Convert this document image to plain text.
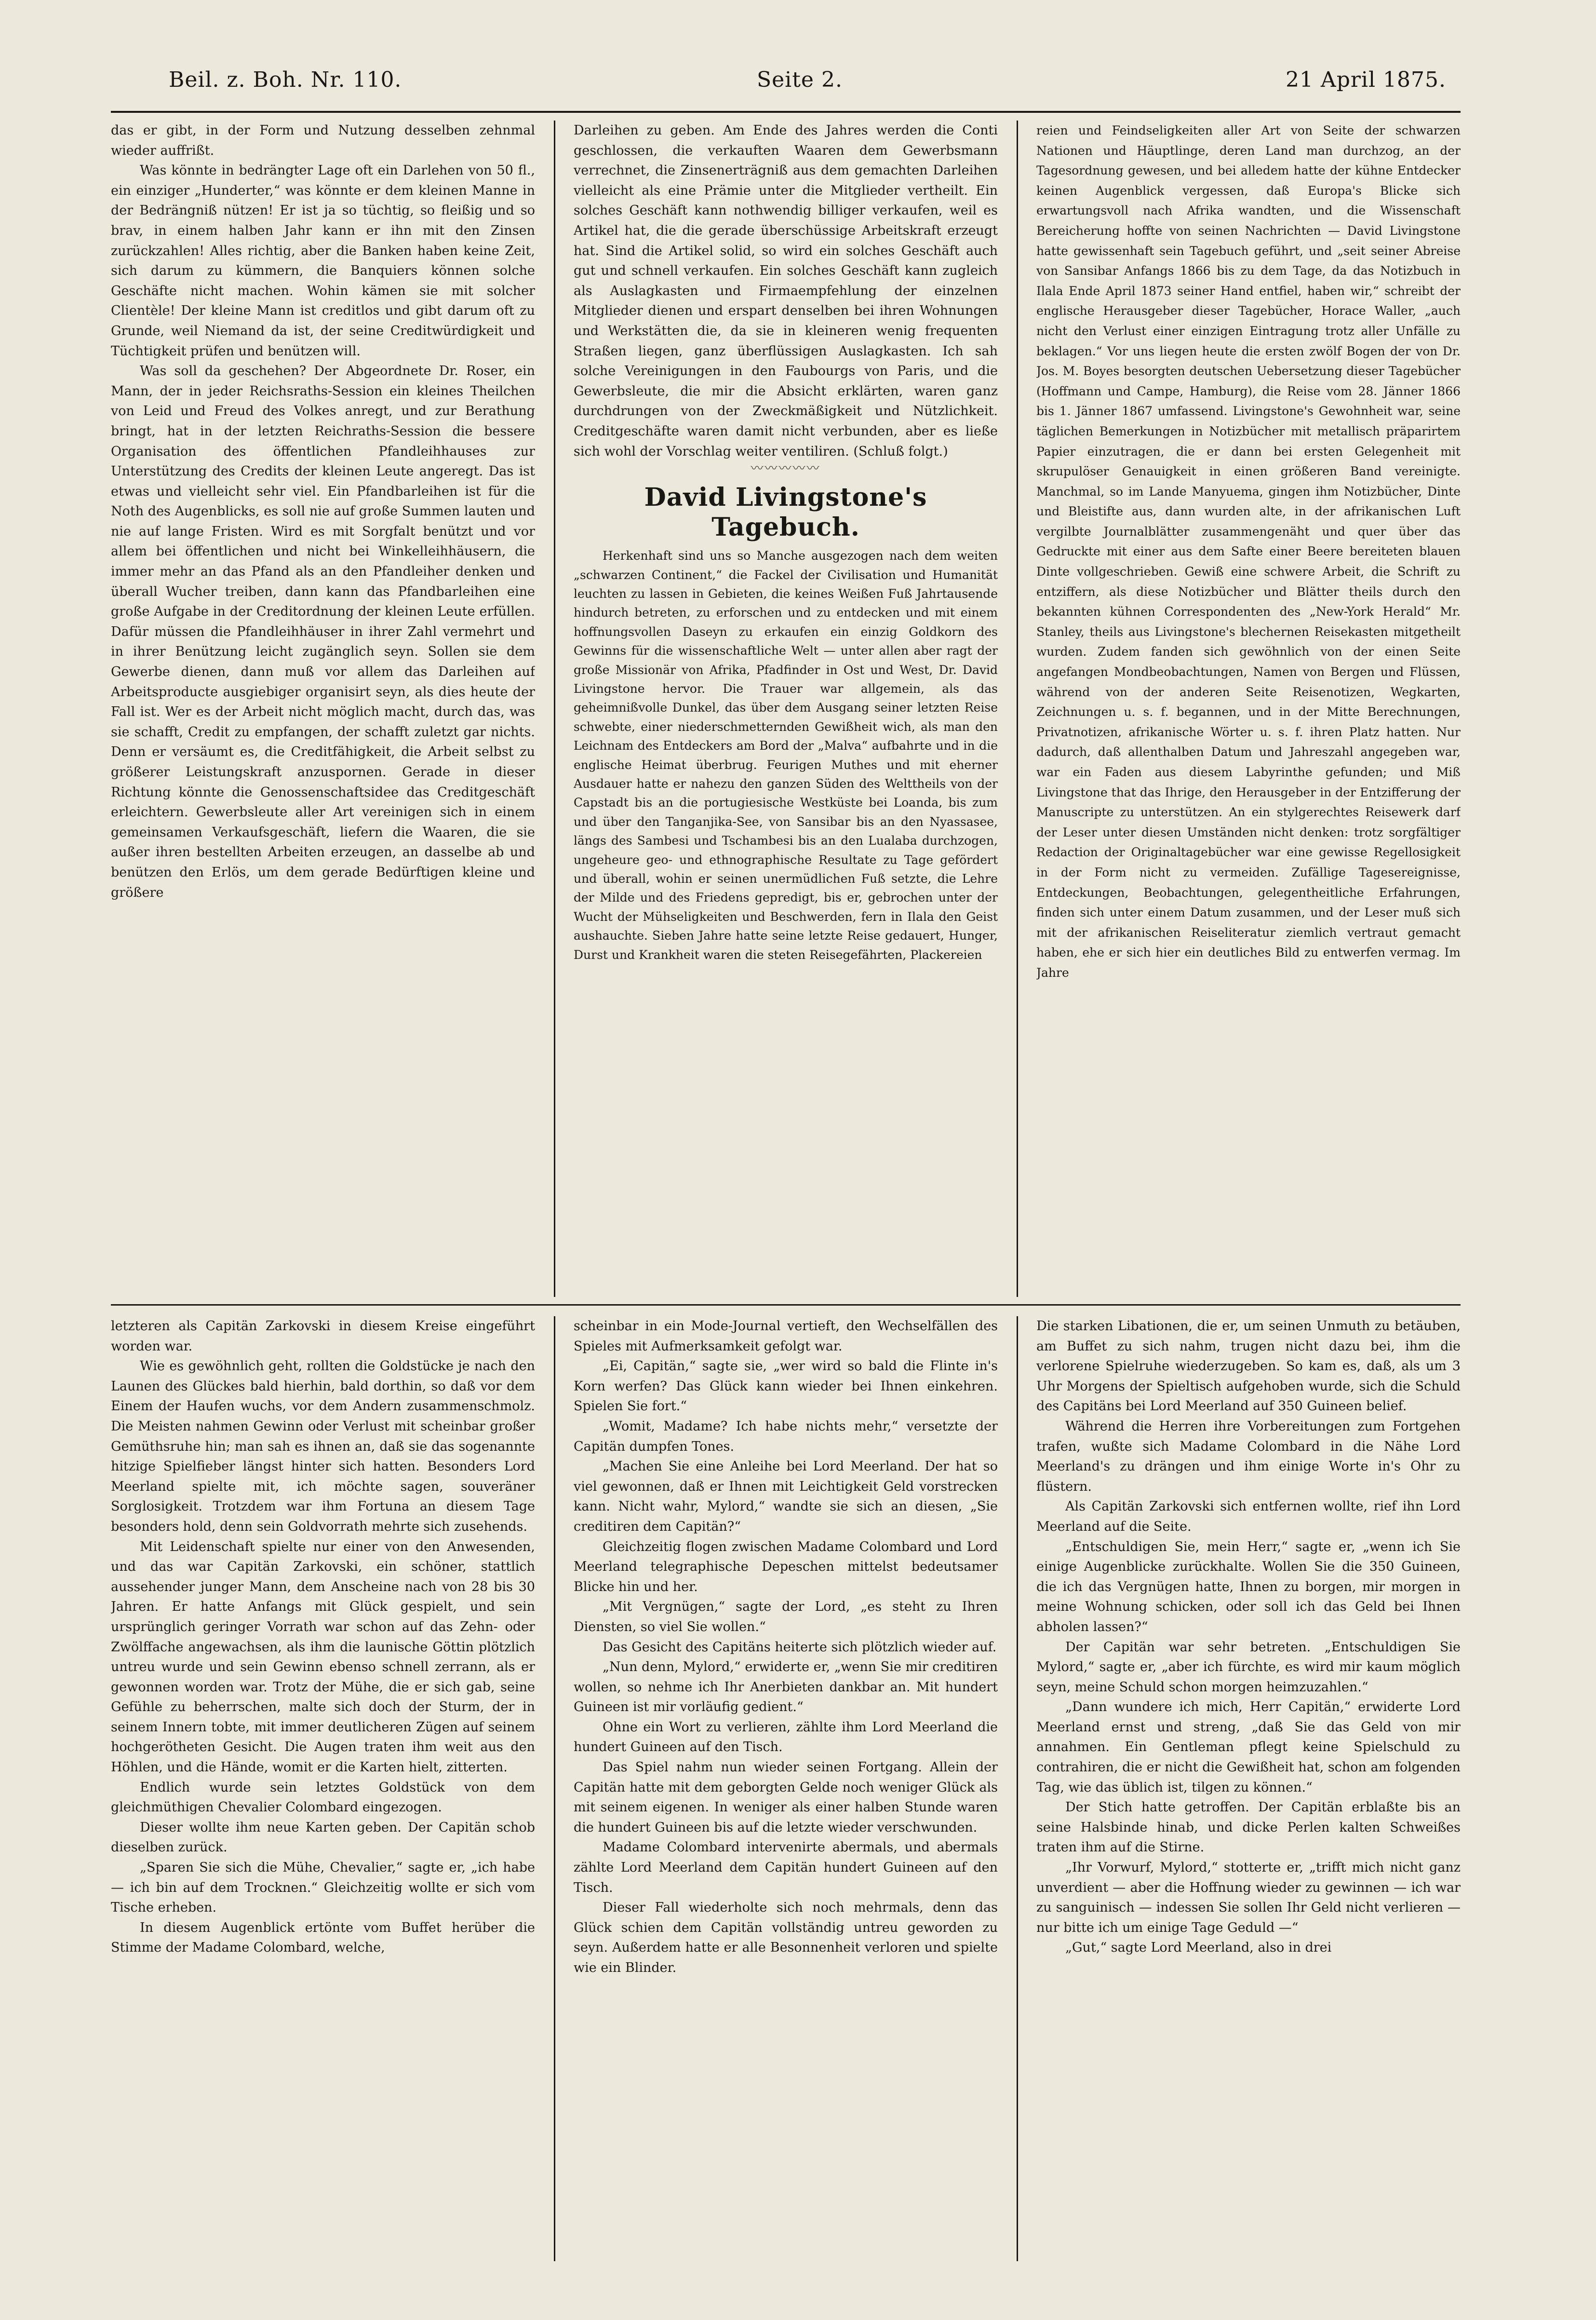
Beil. z. Boh. Nr. 110.	Seite 2.	21 April 1875.

das er gibt, in der Form und Nutzung desselben zehnmal wieder auffrißt.

Was könnte in bedrängter Lage oft ein Darlehen von 50 fl., ein einziger „Hunderter,“ was könnte er dem kleinen Manne in der Bedrängniß nützen! Er ist ja so tüchtig, so fleißig und so brav, in einem halben Jahr kann er ihn mit den Zinsen zurückzahlen! Alles richtig, aber die Banken haben keine Zeit, sich darum zu kümmern, die Banquiers können solche Geschäfte nicht machen. Wohin kämen sie mit solcher Clientèle! Der kleine Mann ist creditlos und gibt darum oft zu Grunde, weil Niemand da ist, der seine Creditwürdigkeit und Tüchtigkeit prüfen und benützen will.

Was soll da geschehen? Der Abgeordnete Dr. Roser, ein Mann, der in jeder Reichsraths-Session ein kleines Theilchen von Leid und Freud des Volkes anregt, und zur Berathung bringt, hat in der letzten Reichraths-Session die bessere Organisation des öffentlichen Pfandleihhauses zur Unterstützung des Credits der kleinen Leute angeregt. Das ist etwas und vielleicht sehr viel. Ein Pfandbarleihen ist für die Noth des Augenblicks, es soll nie auf große Summen lauten und nie auf lange Fristen. Wird es mit Sorgfalt benützt und vor allem bei öffentlichen und nicht bei Winkelleihhäusern, die immer mehr an das Pfand als an den Pfandleiher denken und überall Wucher treiben, dann kann das Pfandbarleihen eine große Aufgabe in der Creditordnung der kleinen Leute erfüllen. Dafür müssen die Pfandleihhäuser in ihrer Zahl vermehrt und in ihrer Benützung leicht zugänglich seyn. Sollen sie dem Gewerbe dienen, dann muß vor allem das Darleihen auf Arbeitsproducte ausgiebiger organisirt seyn, als dies heute der Fall ist. Wer es der Arbeit nicht möglich macht, durch das, was sie schafft, Credit zu empfangen, der schafft zuletzt gar nichts. Denn er versäumt es, die Creditfähigkeit, die Arbeit selbst zu größerer Leistungskraft anzuspornen. Gerade in dieser Richtung könnte die Genossenschaftsidee das Creditgeschäft erleichtern. Gewerbsleute aller Art vereinigen sich in einem gemeinsamen Verkaufsgeschäft, liefern die Waaren, die sie außer ihren bestellten Arbeiten erzeugen, an dasselbe ab und benützen den Erlös, um dem gerade Bedürftigen kleine und größere

Darleihen zu geben. Am Ende des Jahres werden die Conti geschlossen, die verkauften Waaren dem Gewerbsmann verrechnet, die Zinsenerträgniß aus dem gemachten Darleihen vielleicht als eine Prämie unter die Mitglieder vertheilt. Ein solches Geschäft kann nothwendig billiger verkaufen, weil es Artikel hat, die die gerade überschüssige Arbeitskraft erzeugt hat. Sind die Artikel solid, so wird ein solches Geschäft auch gut und schnell verkaufen. Ein solches Geschäft kann zugleich als Auslagkasten und Firmaempfehlung der einzelnen Mitglieder dienen und erspart denselben bei ihren Wohnungen und Werkstätten die, da sie in kleineren wenig frequenten Straßen liegen, ganz überflüssigen Auslagkasten. Ich sah solche Vereinigungen in den Faubourgs von Paris, und die Gewerbsleute, die mir die Absicht erklärten, waren ganz durchdrungen von der Zweckmäßigkeit und Nützlichkeit. Creditgeschäfte waren damit nicht verbunden, aber es ließe sich wohl der Vorschlag weiter ventiliren. (Schluß folgt.)

〰〰〰〰〰
David Livingstone's Tagebuch.

Herkenhaft sind uns so Manche ausgezogen nach dem weiten „schwarzen Continent,“ die Fackel der Civilisation und Humanität leuchten zu lassen in Gebieten, die keines Weißen Fuß Jahrtausende hindurch betreten, zu erforschen und zu entdecken und mit einem hoffnungsvollen Daseyn zu erkaufen ein einzig Goldkorn des Gewinns für die wissenschaftliche Welt — unter allen aber ragt der große Missionär von Afrika, Pfadfinder in Ost und West, Dr. David Livingstone hervor. Die Trauer war allgemein, als das geheimnißvolle Dunkel, das über dem Ausgang seiner letzten Reise schwebte, einer niederschmetternden Gewißheit wich, als man den Leichnam des Entdeckers am Bord der „Malva“ aufbahrte und in die englische Heimat überbrug. Feurigen Muthes und mit eherner Ausdauer hatte er nahezu den ganzen Süden des Welttheils von der Capstadt bis an die portugiesische Westküste bei Loanda, bis zum und über den Tanganjika-See, von Sansibar bis an den Nyassasee, längs des Sambesi und Tschambesi bis an den Lualaba durchzogen, ungeheure geo- und ethnographische Resultate zu Tage gefördert und überall, wohin er seinen unermüdlichen Fuß setzte, die Lehre der Milde und des Friedens gepredigt, bis er, gebrochen unter der Wucht der Mühseligkeiten und Beschwerden, fern in Ilala den Geist aushauchte. Sieben Jahre hatte seine letzte Reise gedauert, Hunger, Durst und Krankheit waren die steten Reisegefährten, Plackereien

reien und Feindseligkeiten aller Art von Seite der schwarzen Nationen und Häuptlinge, deren Land man durchzog, an der Tagesordnung gewesen, und bei alledem hatte der kühne Entdecker keinen Augenblick vergessen, daß Europa's Blicke sich erwartungsvoll nach Afrika wandten, und die Wissenschaft Bereicherung hoffte von seinen Nachrichten — David Livingstone hatte gewissenhaft sein Tagebuch geführt, und „seit seiner Abreise von Sansibar Anfangs 1866 bis zu dem Tage, da das Notizbuch in Ilala Ende April 1873 seiner Hand entfiel, haben wir,“ schreibt der englische Herausgeber dieser Tagebücher, Horace Waller, „auch nicht den Verlust einer einzigen Eintragung trotz aller Unfälle zu beklagen.“ Vor uns liegen heute die ersten zwölf Bogen der von Dr. Jos. M. Boyes besorgten deutschen Uebersetzung dieser Tagebücher (Hoffmann und Campe, Hamburg), die Reise vom 28. Jänner 1866 bis 1. Jänner 1867 umfassend. Livingstone's Gewohnheit war, seine täglichen Bemerkungen in Notizbücher mit metallisch präparirtem Papier einzutragen, die er dann bei ersten Gelegenheit mit skrupulöser Genauigkeit in einen größeren Band vereinigte. Manchmal, so im Lande Manyuema, gingen ihm Notizbücher, Dinte und Bleistifte aus, dann wurden alte, in der afrikanischen Luft vergilbte Journalblätter zusammengenäht und quer über das Gedruckte mit einer aus dem Safte einer Beere bereiteten blauen Dinte vollgeschrieben. Gewiß eine schwere Arbeit, die Schrift zu entziffern, als diese Notizbücher und Blätter theils durch den bekannten kühnen Correspondenten des „New-York Herald“ Mr. Stanley, theils aus Livingstone's blechernen Reisekasten mitgetheilt wurden. Zudem fanden sich gewöhnlich von der einen Seite angefangen Mondbeobachtungen, Namen von Bergen und Flüssen, während von der anderen Seite Reisenotizen, Wegkarten, Zeichnungen u. s. f. begannen, und in der Mitte Berechnungen, Privatnotizen, afrikanische Wörter u. s. f. ihren Platz hatten. Nur dadurch, daß allenthalben Datum und Jahreszahl angegeben war, war ein Faden aus diesem Labyrinthe gefunden; und Miß Livingstone that das Ihrige, den Herausgeber in der Entzifferung der Manuscripte zu unterstützen. An ein stylgerechtes Reisewerk darf der Leser unter diesen Umständen nicht denken: trotz sorgfältiger Redaction der Originaltagebücher war eine gewisse Regellosigkeit in der Form nicht zu vermeiden. Zufällige Tagesereignisse, Entdeckungen, Beobachtungen, gelegentheitliche Erfahrungen, finden sich unter einem Datum zusammen, und der Leser muß sich mit der afrikanischen Reiseliteratur ziemlich vertraut gemacht haben, ehe er sich hier ein deutliches Bild zu entwerfen vermag. Im Jahre

letzteren als Capitän Zarkovski in diesem Kreise eingeführt worden war.

Wie es gewöhnlich geht, rollten die Goldstücke je nach den Launen des Glückes bald hierhin, bald dorthin, so daß vor dem Einem der Haufen wuchs, vor dem Andern zusammenschmolz. Die Meisten nahmen Gewinn oder Verlust mit scheinbar großer Gemüthsruhe hin; man sah es ihnen an, daß sie das sogenannte hitzige Spielfieber längst hinter sich hatten. Besonders Lord Meerland spielte mit, ich möchte sagen, souveräner Sorglosigkeit. Trotzdem war ihm Fortuna an diesem Tage besonders hold, denn sein Goldvorrath mehrte sich zusehends.

Mit Leidenschaft spielte nur einer von den Anwesenden, und das war Capitän Zarkovski, ein schöner, stattlich aussehender junger Mann, dem Anscheine nach von 28 bis 30 Jahren. Er hatte Anfangs mit Glück gespielt, und sein ursprünglich geringer Vorrath war schon auf das Zehn- oder Zwölffache angewachsen, als ihm die launische Göttin plötzlich untreu wurde und sein Gewinn ebenso schnell zerrann, als er gewonnen worden war. Trotz der Mühe, die er sich gab, seine Gefühle zu beherrschen, malte sich doch der Sturm, der in seinem Innern tobte, mit immer deutlicheren Zügen auf seinem hochgerötheten Gesicht. Die Augen traten ihm weit aus den Höhlen, und die Hände, womit er die Karten hielt, zitterten.

Endlich wurde sein letztes Goldstück von dem gleichmüthigen Chevalier Colombard eingezogen.

Dieser wollte ihm neue Karten geben. Der Capitän schob dieselben zurück.

„Sparen Sie sich die Mühe, Chevalier,“ sagte er, „ich habe — ich bin auf dem Trocknen.“ Gleichzeitig wollte er sich vom Tische erheben.

In diesem Augenblick ertönte vom Buffet herüber die Stimme der Madame Colombard, welche,

scheinbar in ein Mode-Journal vertieft, den Wechselfällen des Spieles mit Aufmerksamkeit gefolgt war.

„Ei, Capitän,“ sagte sie, „wer wird so bald die Flinte in's Korn werfen? Das Glück kann wieder bei Ihnen einkehren. Spielen Sie fort.“

„Womit, Madame? Ich habe nichts mehr,“ versetzte der Capitän dumpfen Tones.

„Machen Sie eine Anleihe bei Lord Meerland. Der hat so viel gewonnen, daß er Ihnen mit Leichtigkeit Geld vorstrecken kann. Nicht wahr, Mylord,“ wandte sie sich an diesen, „Sie creditiren dem Capitän?“

Gleichzeitig flogen zwischen Madame Colombard und Lord Meerland telegraphische Depeschen mittelst bedeutsamer Blicke hin und her.

„Mit Vergnügen,“ sagte der Lord, „es steht zu Ihren Diensten, so viel Sie wollen.“

Das Gesicht des Capitäns heiterte sich plötzlich wieder auf.

„Nun denn, Mylord,“ erwiderte er, „wenn Sie mir creditiren wollen, so nehme ich Ihr Anerbieten dankbar an. Mit hundert Guineen ist mir vorläufig gedient.“

Ohne ein Wort zu verlieren, zählte ihm Lord Meerland die hundert Guineen auf den Tisch.

Das Spiel nahm nun wieder seinen Fortgang. Allein der Capitän hatte mit dem geborgten Gelde noch weniger Glück als mit seinem eigenen. In weniger als einer halben Stunde waren die hundert Guineen bis auf die letzte wieder verschwunden.

Madame Colombard intervenirte abermals, und abermals zählte Lord Meerland dem Capitän hundert Guineen auf den Tisch.

Dieser Fall wiederholte sich noch mehrmals, denn das Glück schien dem Capitän vollständig untreu geworden zu seyn. Außerdem hatte er alle Besonnenheit verloren und spielte wie ein Blinder.

Die starken Libationen, die er, um seinen Unmuth zu betäuben, am Buffet zu sich nahm, trugen nicht dazu bei, ihm die verlorene Spielruhe wiederzugeben. So kam es, daß, als um 3 Uhr Morgens der Spieltisch aufgehoben wurde, sich die Schuld des Capitäns bei Lord Meerland auf 350 Guineen belief.

Während die Herren ihre Vorbereitungen zum Fortgehen trafen, wußte sich Madame Colombard in die Nähe Lord Meerland's zu drängen und ihm einige Worte in's Ohr zu flüstern.

Als Capitän Zarkovski sich entfernen wollte, rief ihn Lord Meerland auf die Seite.

„Entschuldigen Sie, mein Herr,“ sagte er, „wenn ich Sie einige Augenblicke zurückhalte. Wollen Sie die 350 Guineen, die ich das Vergnügen hatte, Ihnen zu borgen, mir morgen in meine Wohnung schicken, oder soll ich das Geld bei Ihnen abholen lassen?“

Der Capitän war sehr betreten. „Entschuldigen Sie Mylord,“ sagte er, „aber ich fürchte, es wird mir kaum möglich seyn, meine Schuld schon morgen heimzuzahlen.“

„Dann wundere ich mich, Herr Capitän,“ erwiderte Lord Meerland ernst und streng, „daß Sie das Geld von mir annahmen. Ein Gentleman pflegt keine Spielschuld zu contrahiren, die er nicht die Gewißheit hat, schon am folgenden Tag, wie das üblich ist, tilgen zu können.“

Der Stich hatte getroffen. Der Capitän erblaßte bis an seine Halsbinde hinab, und dicke Perlen kalten Schweißes traten ihm auf die Stirne.

„Ihr Vorwurf, Mylord,“ stotterte er, „trifft mich nicht ganz unverdient — aber die Hoffnung wieder zu gewinnen — ich war zu sanguinisch — indessen Sie sollen Ihr Geld nicht verlieren — nur bitte ich um einige Tage Geduld —“

„Gut,“ sagte Lord Meerland, also in drei
